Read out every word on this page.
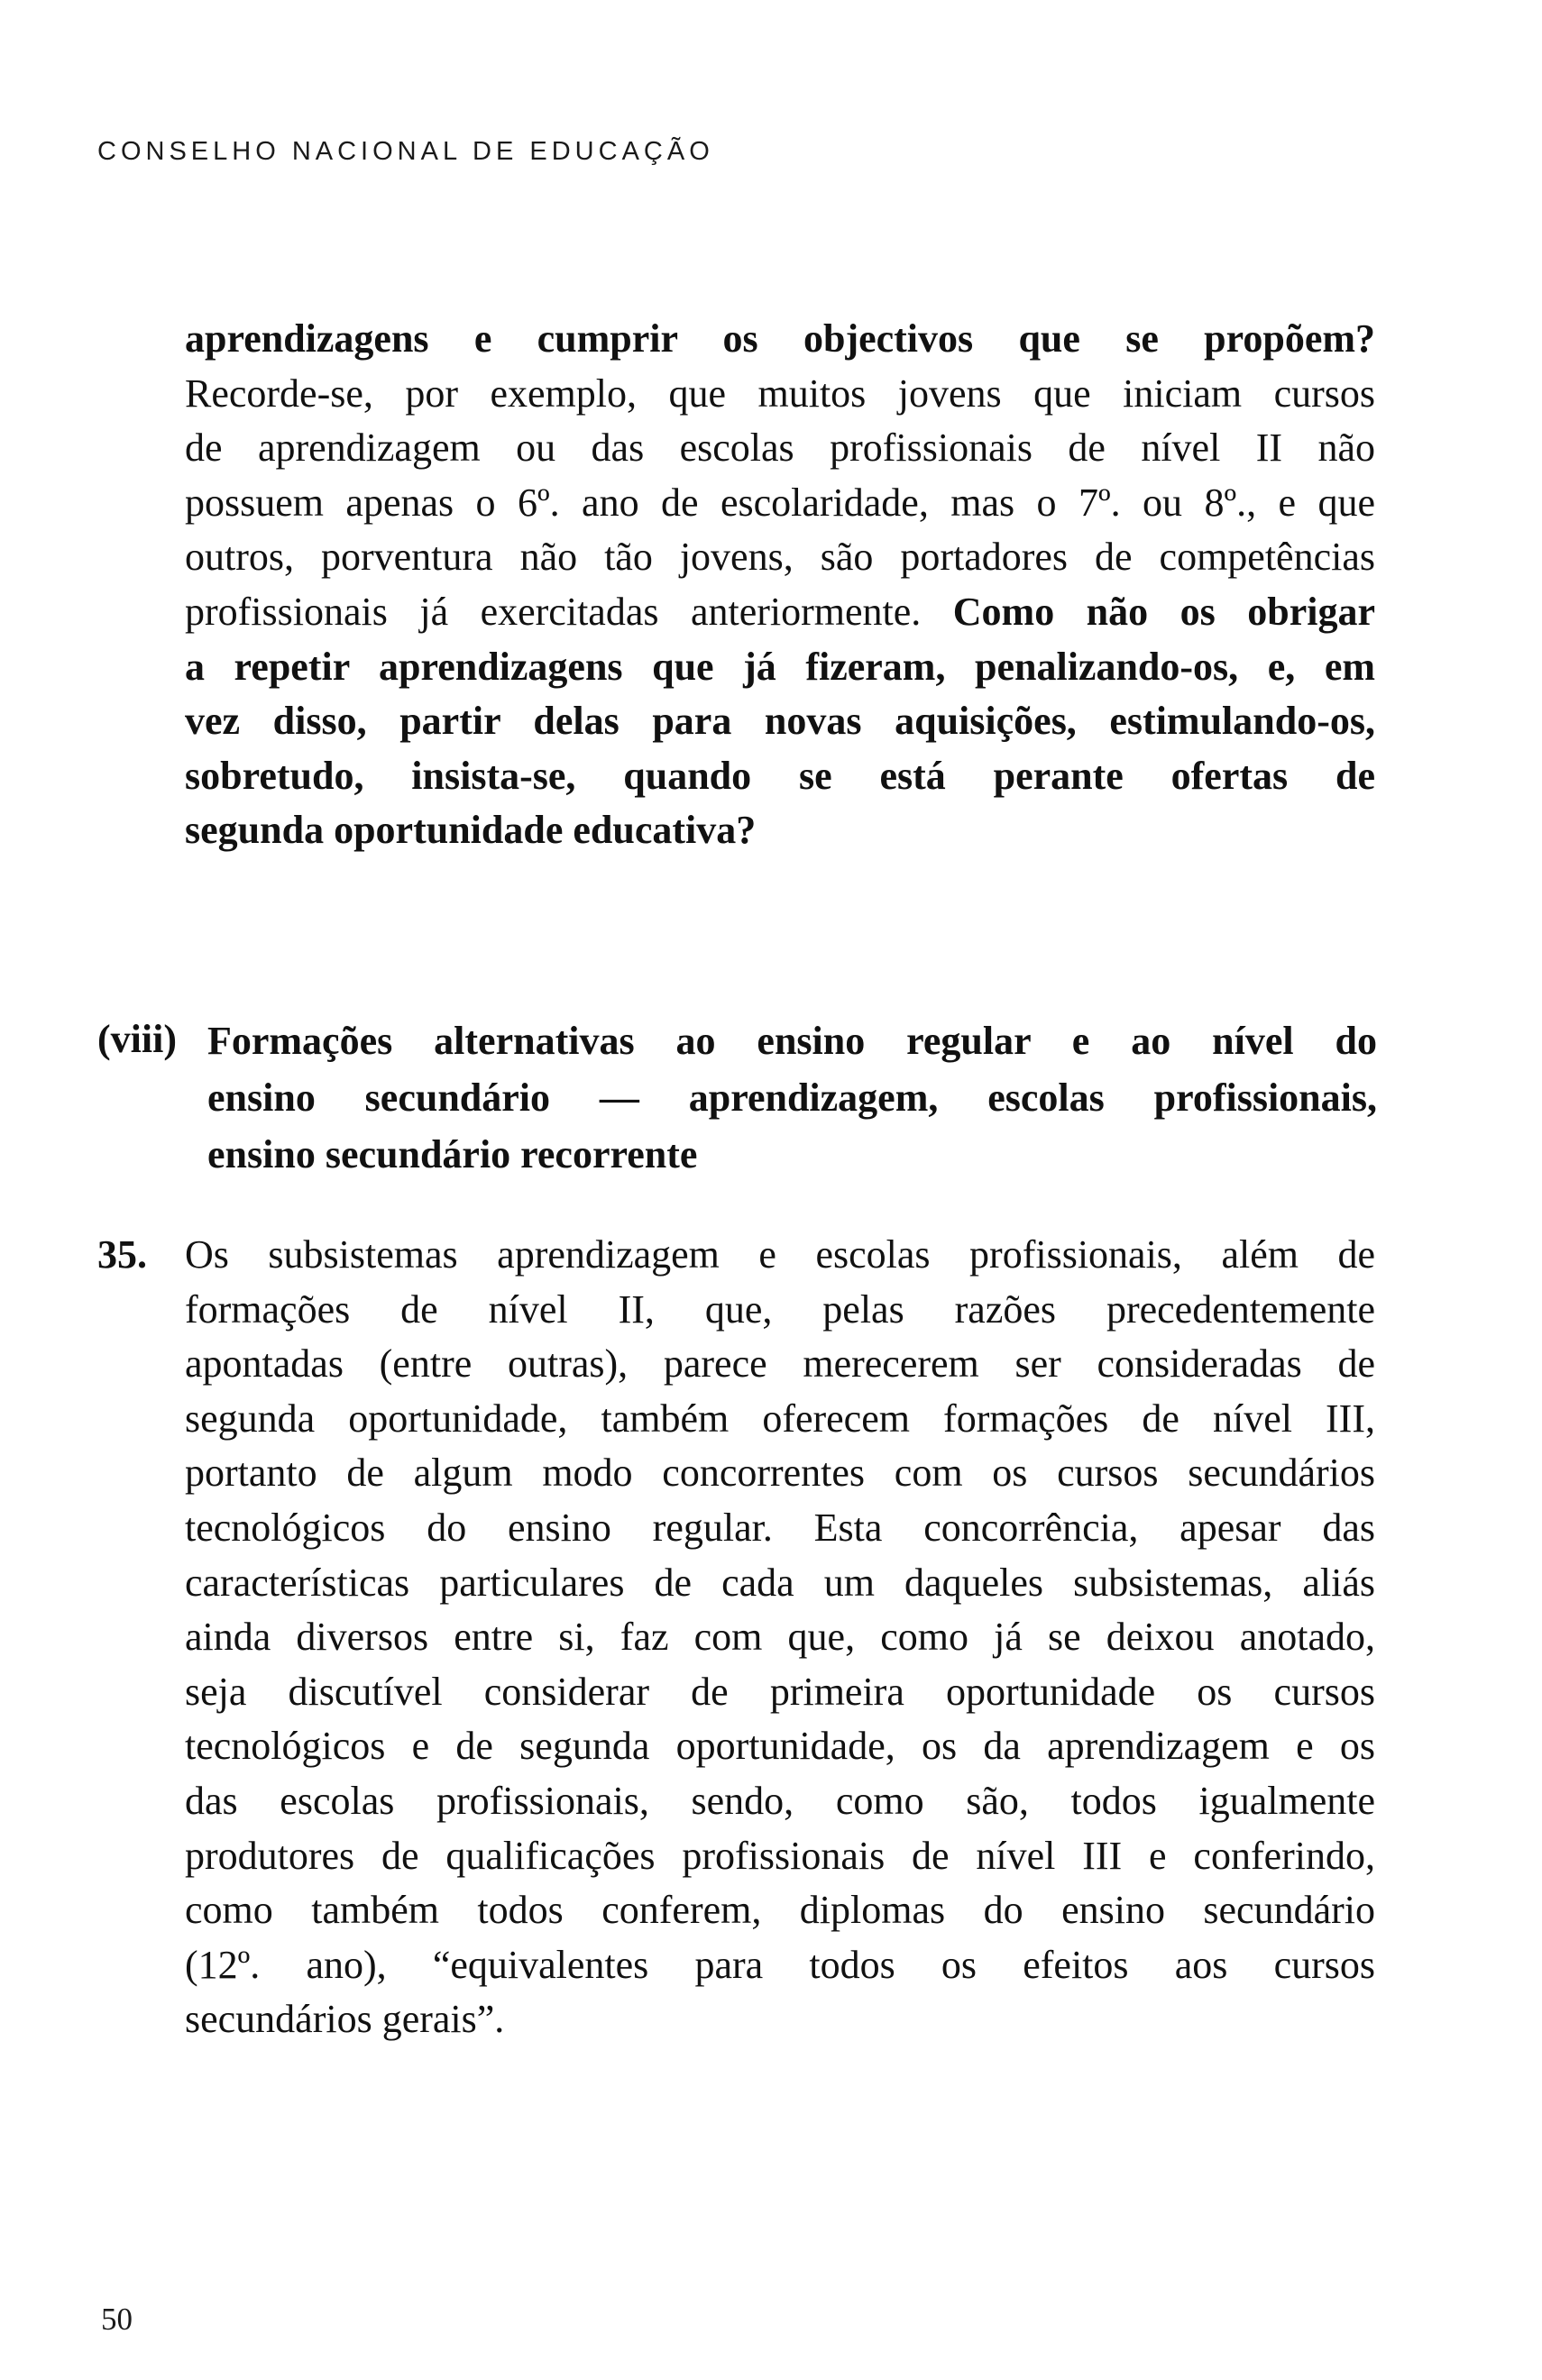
CONSELHO NACIONAL DE EDUCAÇÃO
aprendizagens e cumprir os objectivos que se propõem?
Recorde-se, por exemplo, que muitos jovens que iniciam cursos
de aprendizagem ou das escolas profissionais de nível II não
possuem apenas o 6º. ano de escolaridade, mas o 7º. ou 8º., e que
outros, porventura não tão jovens, são portadores de competências
profissionais já exercitadas anteriormente. Como não os obrigar
a repetir aprendizagens que já fizeram, penalizando-os, e, em
vez disso, partir delas para novas aquisições, estimulando-os,
sobretudo, insista-se, quando se está perante ofertas de
segunda oportunidade educativa?
(viii) Formações alternativas ao ensino regular e ao nível do
ensino secundário — aprendizagem, escolas profissionais,
ensino secundário recorrente
35. Os subsistemas aprendizagem e escolas profissionais, além de
formações de nível II, que, pelas razões precedentemente
apontadas (entre outras), parece merecerem ser consideradas de
segunda oportunidade, também oferecem formações de nível III,
portanto de algum modo concorrentes com os cursos secundários
tecnológicos do ensino regular. Esta concorrência, apesar das
características particulares de cada um daqueles subsistemas, aliás
ainda diversos entre si, faz com que, como já se deixou anotado,
seja discutível considerar de primeira oportunidade os cursos
tecnológicos e de segunda oportunidade, os da aprendizagem e os
das escolas profissionais, sendo, como são, todos igualmente
produtores de qualificações profissionais de nível III e conferindo,
como também todos conferem, diplomas do ensino secundário
(12º. ano), “equivalentes para todos os efeitos aos cursos
secundários gerais”.
50
